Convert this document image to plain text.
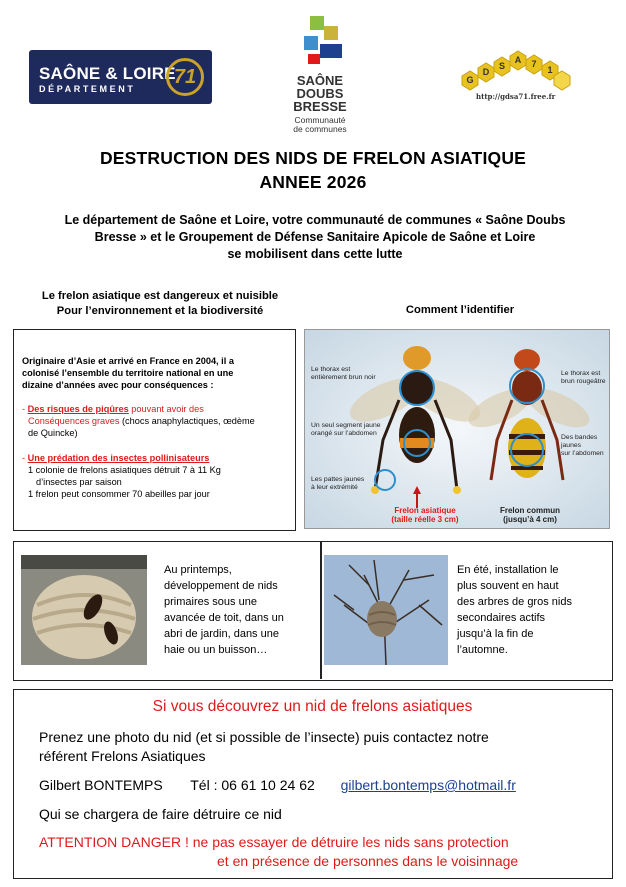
SAÔNE & LOIRE
DÉPARTEMENT
71	SAÔNE
DOUBS
BRESSE
Communauté
de communes
G
D
S
A 7
1
http://gdsa71.free.fr
DESTRUCTION DES NIDS DE FRELON ASIATIQUE
ANNEE 2026
Le département de Saône et Loire, votre communauté de communes « Saône Doubs
Bresse » et le Groupement de Défense Sanitaire Apicole de Saône et Loire
se mobilisent dans cette lutte
Le frelon asiatique est dangereux et nuisible
Pour l’environnement et la biodiversité	Comment l’identifier
Originaire d’Asie et arrivé en France en 2004, il a
colonisé l’ensemble du territoire national en une
dizaine d’années avec pour conséquences :
- Des risques de piqûres pouvant avoir des
Conséquences graves (chocs anaphylactiques, œdème
de Quincke)
- Une prédation des insectes pollinisateurs
1 colonie de frelons asiatiques détruit 7 à 11 Kg
d’insectes par saison
1 frelon peut consommer 70 abeilles par jour
Le thorax est
entièrement brun noir
Un seul segment jaune
orangé sur l’abdomen
Les pattes jaunes
à leur extrémité
Le thorax est
brun rougeâtre
Des bandes jaunes
sur l’abdomen
Frelon asiatique
(taille réelle 3 cm)
Frelon commun
(jusqu’à 4 cm)
Au printemps,
développement de nids
primaires sous une
avancée de toit, dans un
abri de jardin, dans une
haie ou un buisson…
En été, installation le
plus souvent en haut
des arbres de gros nids
secondaires actifs
jusqu’à la fin de
l’automne.
Si vous découvrez un nid de frelons asiatiques
Prenez une photo du nid (et si possible de l’insecte) puis contactez notre
référent Frelons Asiatiques
Gilbert BONTEMPS Tél : 06 61 10 24 62 gilbert.bontemps@hotmail.fr
Qui se chargera de faire détruire ce nid
ATTENTION DANGER ! ne pas essayer de détruire les nids sans protection
et en présence de personnes dans le voisinnage
